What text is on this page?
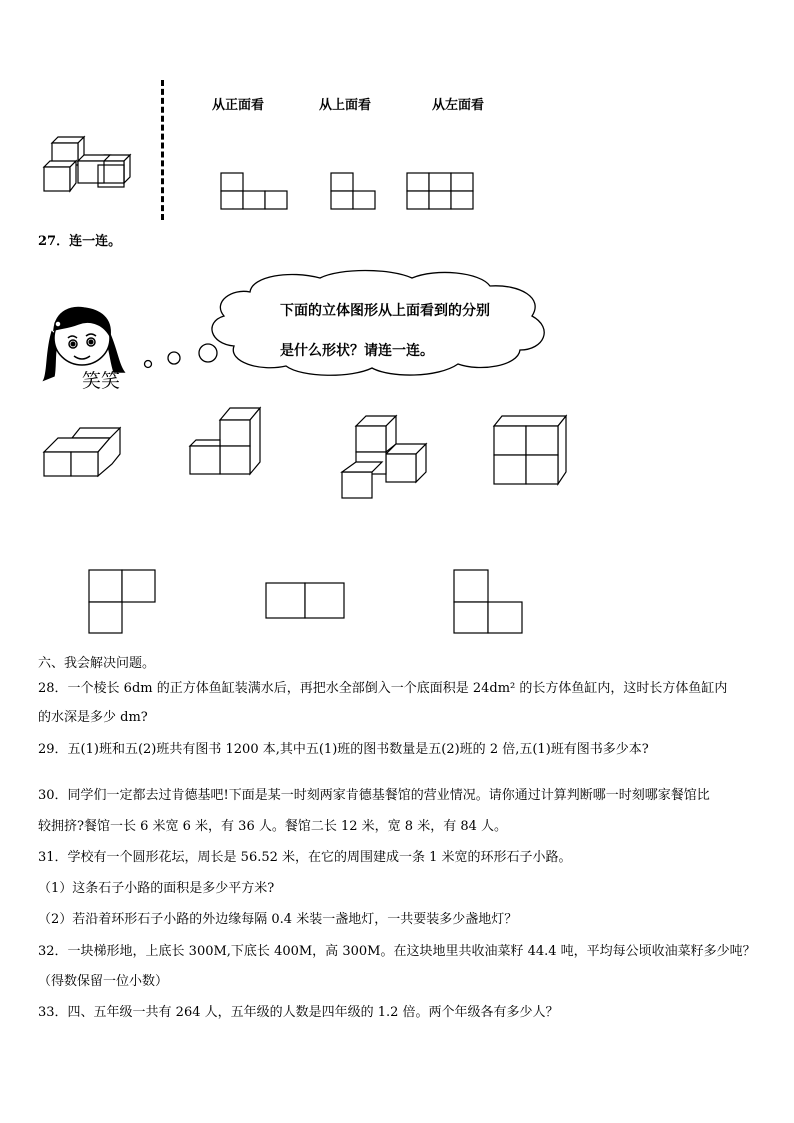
从正面看	从上面看	从左面看
27．连一连。
笑笑
下面的立体图形从上面看到的分别
是什么形状？请连一连。
六、我会解决问题。
28．一个棱长 6dm 的正方体鱼缸装满水后，再把水全部倒入一个底面积是 24dm² 的长方体鱼缸内，这时长方体鱼缸内
的水深是多少 dm?
29．五(1)班和五(2)班共有图书 1200 本,其中五(1)班的图书数量是五(2)班的 2 倍,五(1)班有图书多少本?
30．同学们一定都去过肯德基吧!下面是某一时刻两家肯德基餐馆的营业情况。请你通过计算判断哪一时刻哪家餐馆比
较拥挤?餐馆一长 6 米宽 6 米，有 36 人。餐馆二长 12 米，宽 8 米，有 84 人。
31．学校有一个圆形花坛，周长是 56.52 米，在它的周围建成一条 1 米宽的环形石子小路。
（1）这条石子小路的面积是多少平方米?
（2）若沿着环形石子小路的外边缘每隔 0.4 米装一盏地灯，一共要装多少盏地灯？
32．一块梯形地，上底长 300M,下底长 400M，高 300M。在这块地里共收油菜籽 44.4 吨，平均每公顷收油菜籽多少吨？
（得数保留一位小数）
33．四、五年级一共有 264 人，五年级的人数是四年级的 1.2 倍。两个年级各有多少人？
